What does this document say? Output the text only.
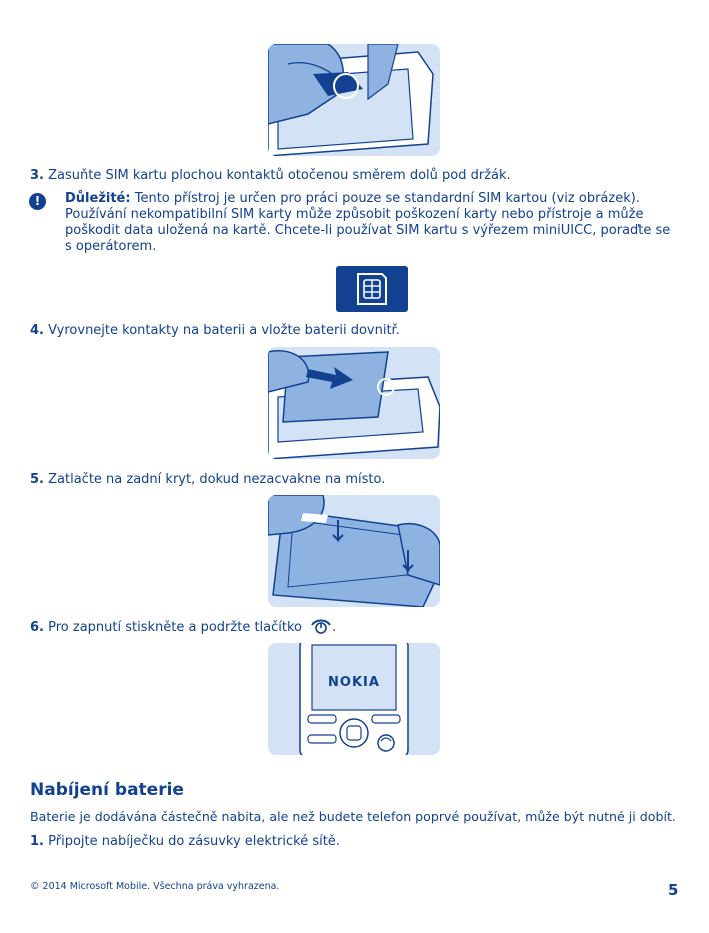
3. Zasuňte SIM kartu plochou kontaktů otočenou směrem dolů pod držák.
!	Důležité: Tento přístroj je určen pro práci pouze se standardní SIM kartou (viz obrázek). Používání nekompatibilní SIM karty může způsobit poškození karty nebo přístroje a může poškodit data uložená na kartě. Chcete-li používat SIM kartu s výřezem miniUICC, poraďte se s operátorem.
4. Vyrovnejte kontakty na baterii a vložte baterii dovnitř.
5. Zatlačte na zadní kryt, dokud nezacvakne na místo.
6. Pro zapnutí stiskněte a podržte tlačítko .
NOKIA
Nabíjení baterie
Baterie je dodávána částečně nabita, ale než budete telefon poprvé používat, může být nutné ji dobít.
1. Připojte nabíječku do zásuvky elektrické sítě.
© 2014 Microsoft Mobile. Všechna práva vyhrazena.	5
